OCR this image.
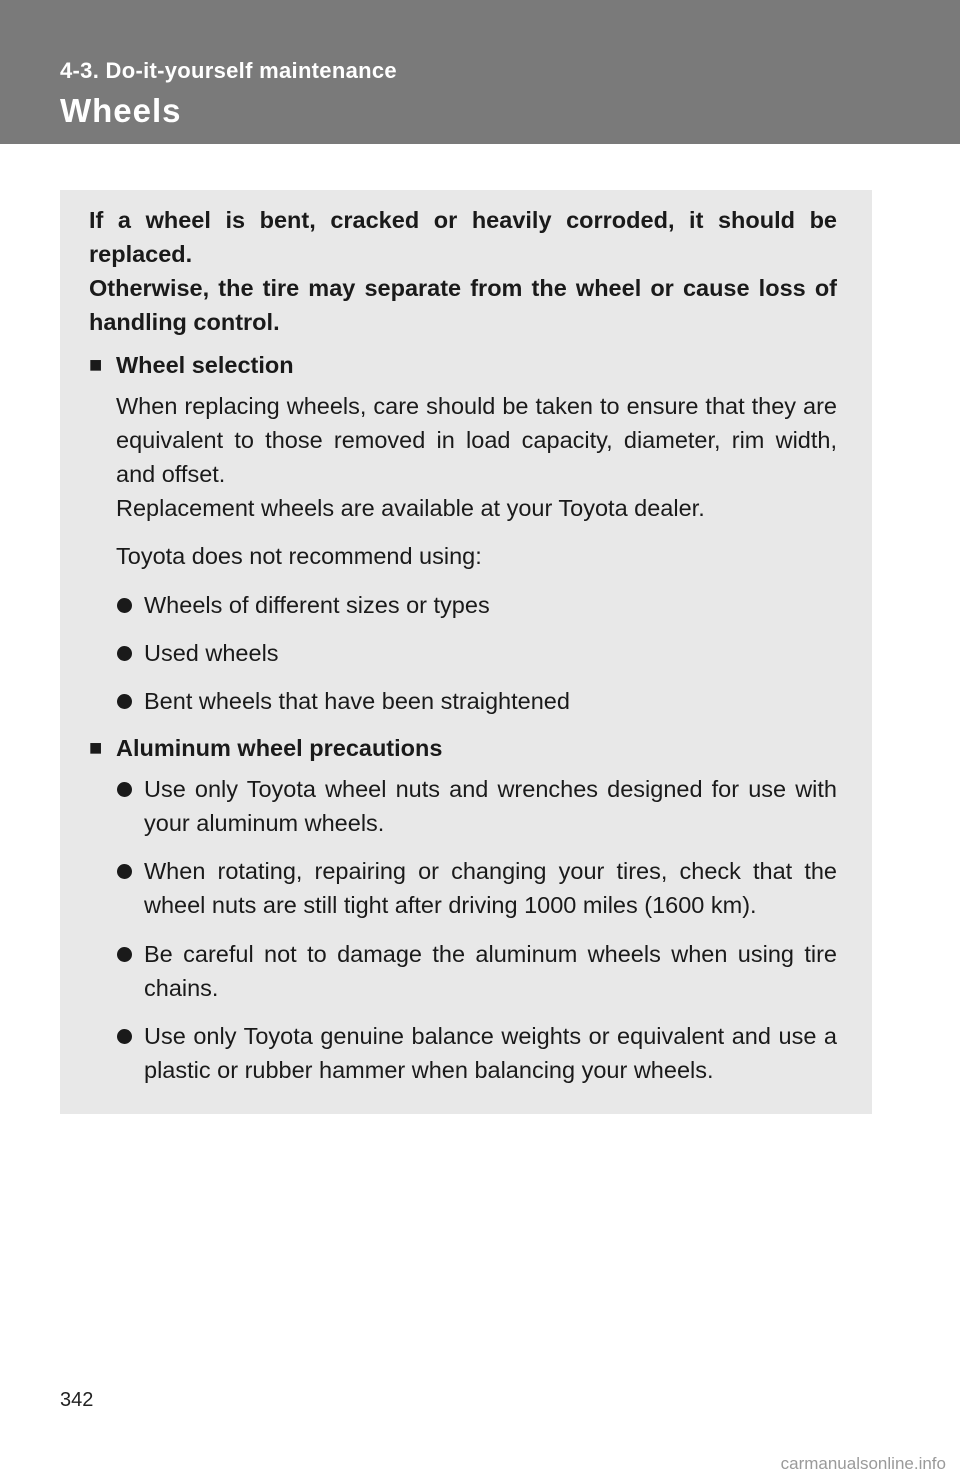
4-3. Do-it-yourself maintenance
Wheels
If a wheel is bent, cracked or heavily corroded, it should be replaced.
Otherwise, the tire may separate from the wheel or cause loss of handling control.
■ Wheel selection
When replacing wheels, care should be taken to ensure that they are equivalent to those removed in load capacity, diameter, rim width, and offset.
Replacement wheels are available at your Toyota dealer.
Toyota does not recommend using:
Wheels of different sizes or types
Used wheels
Bent wheels that have been straightened
■ Aluminum wheel precautions
Use only Toyota wheel nuts and wrenches designed for use with your aluminum wheels.
When rotating, repairing or changing your tires, check that the wheel nuts are still tight after driving 1000 miles (1600 km).
Be careful not to damage the aluminum wheels when using tire chains.
Use only Toyota genuine balance weights or equivalent and use a plastic or rubber hammer when balancing your wheels.
342
carmanualsonline.info
